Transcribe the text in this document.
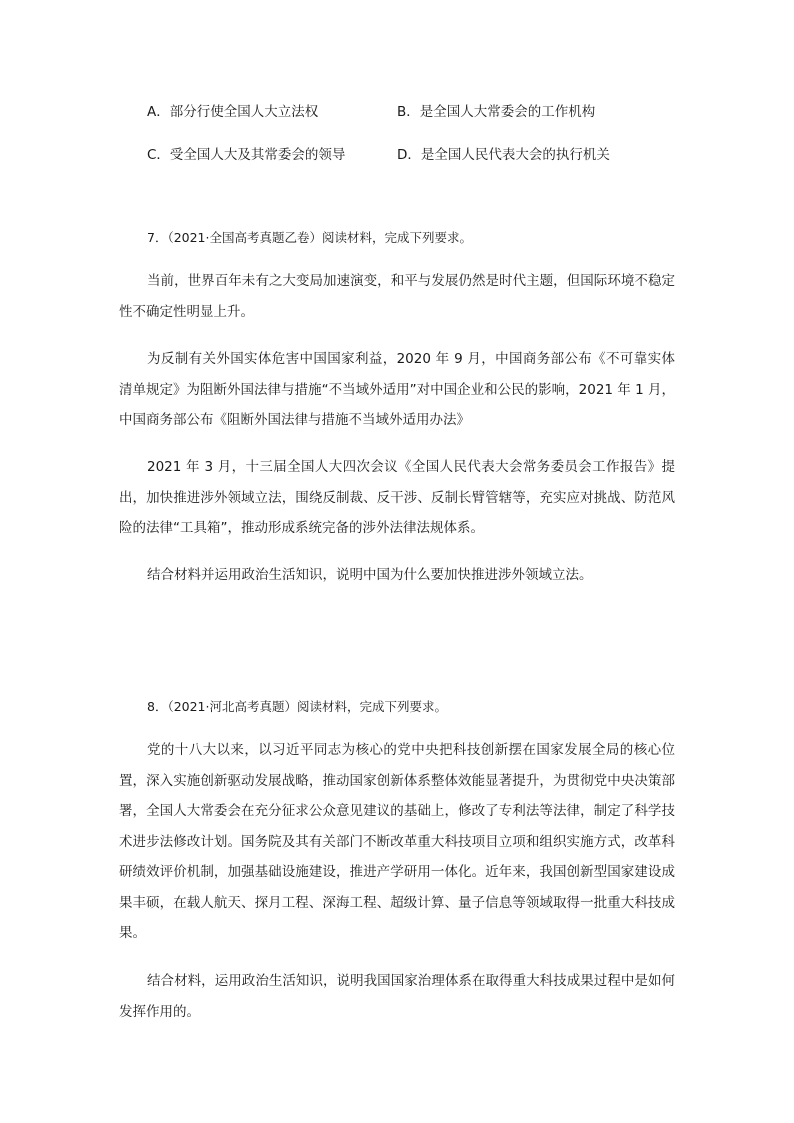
A．部分行使全国人大立法权	B．是全国人大常委会的工作机构
C．受全国人大及其常委会的领导	D．是全国人民代表大会的执行机关
7．（2021·全国高考真题乙卷）阅读材料，完成下列要求。

当前，世界百年未有之大变局加速演变，和平与发展仍然是时代主题，但国际环境不稳定性不确定性明显上升。

为反制有关外国实体危害中国国家利益，2020 年 9 月，中国商务部公布《不可靠实体清单规定》为阻断外国法律与措施“不当域外适用”对中国企业和公民的影响，2021 年 1 月，中国商务部公布《阻断外国法律与措施不当域外适用办法》

2021 年 3 月，十三届全国人大四次会议《全国人民代表大会常务委员会工作报告》提出，加快推进涉外领域立法，围绕反制裁、反干涉、反制长臂管辖等，充实应对挑战、防范风险的法律“工具箱”，推动形成系统完备的涉外法律法规体系。

结合材料并运用政治生活知识，说明中国为什么要加快推进涉外领域立法。

8．（2021·河北高考真题）阅读材料，完成下列要求。

党的十八大以来，以习近平同志为核心的党中央把科技创新摆在国家发展全局的核心位置，深入实施创新驱动发展战略，推动国家创新体系整体效能显著提升，为贯彻党中央决策部署，全国人大常委会在充分征求公众意见建议的基础上，修改了专利法等法律，制定了科学技术进步法修改计划。国务院及其有关部门不断改革重大科技项目立项和组织实施方式，改革科研绩效评价机制，加强基础设施建设，推进产学研用一体化。近年来，我国创新型国家建设成果丰硕，在载人航天、探月工程、深海工程、超级计算、量子信息等领域取得一批重大科技成果。

结合材料，运用政治生活知识，说明我国国家治理体系在取得重大科技成果过程中是如何发挥作用的。
